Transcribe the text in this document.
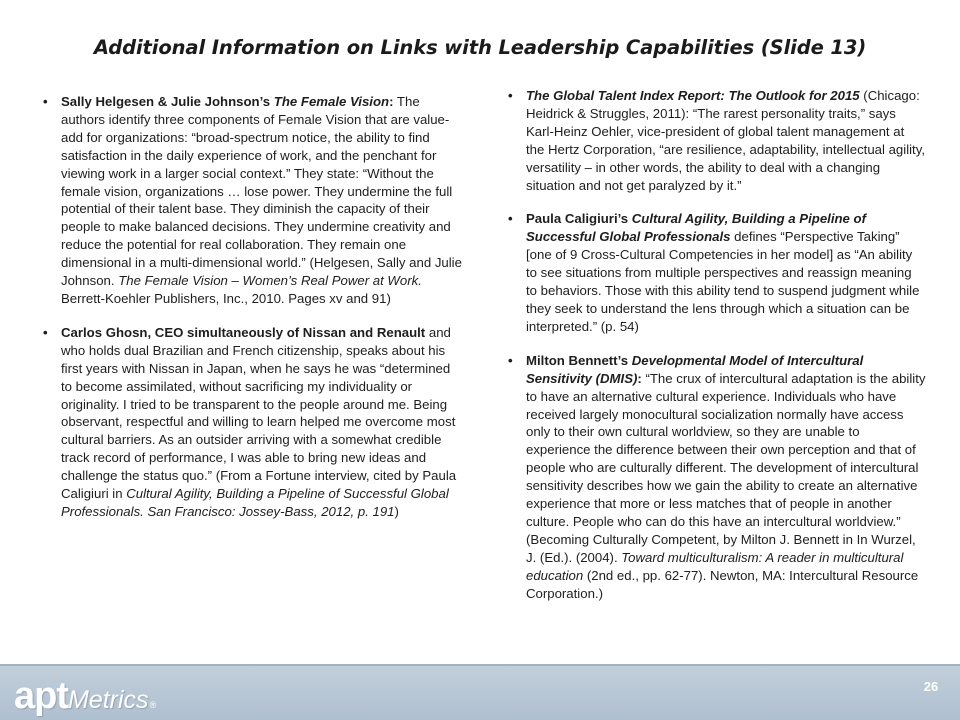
Additional Information on Links with Leadership Capabilities (Slide 13)
• Sally Helgesen & Julie Johnson’s The Female Vision: The authors identify three components of Female Vision that are value-add for organizations: “broad-spectrum notice, the ability to find satisfaction in the daily experience of work, and the penchant for viewing work in a larger social context.” They state: “Without the female vision, organizations … lose power. They undermine the full potential of their talent base. They diminish the capacity of their people to make balanced decisions. They undermine creativity and reduce the potential for real collaboration. They remain one dimensional in a multi-dimensional world.” (Helgesen, Sally and Julie Johnson. The Female Vision – Women’s Real Power at Work. Berrett-Koehler Publishers, Inc., 2010. Pages xv and 91)
• Carlos Ghosn, CEO simultaneously of Nissan and Renault and who holds dual Brazilian and French citizenship, speaks about his first years with Nissan in Japan, when he says he was “determined to become assimilated, without sacrificing my individuality or originality. I tried to be transparent to the people around me. Being observant, respectful and willing to learn helped me overcome most cultural barriers. As an outsider arriving with a somewhat credible track record of performance, I was able to bring new ideas and challenge the status quo.” (From a Fortune interview, cited by Paula Caligiuri in Cultural Agility, Building a Pipeline of Successful Global Professionals. San Francisco: Jossey-Bass, 2012, p. 191)
• The Global Talent Index Report: The Outlook for 2015 (Chicago: Heidrick & Struggles, 2011): “The rarest personality traits,” says Karl-Heinz Oehler, vice-president of global talent management at the Hertz Corporation, “are resilience, adaptability, intellectual agility, versatility – in other words, the ability to deal with a changing situation and not get paralyzed by it.”
• Paula Caligiuri’s Cultural Agility, Building a Pipeline of Successful Global Professionals defines “Perspective Taking” [one of 9 Cross-Cultural Competencies in her model] as “An ability to see situations from multiple perspectives and reassign meaning to behaviors. Those with this ability tend to suspend judgment while they seek to understand the lens through which a situation can be interpreted.” (p. 54)
• Milton Bennett’s Developmental Model of Intercultural Sensitivity (DMIS): “The crux of intercultural adaptation is the ability to have an alternative cultural experience. Individuals who have received largely monocultural socialization normally have access only to their own cultural worldview, so they are unable to experience the difference between their own perception and that of people who are culturally different. The development of intercultural sensitivity describes how we gain the ability to create an alternative experience that more or less matches that of people in another culture. People who can do this have an intercultural worldview.” (Becoming Culturally Competent, by Milton J. Bennett in In Wurzel, J. (Ed.). (2004). Toward multiculturalism: A reader in multicultural education (2nd ed., pp. 62-77). Newton, MA: Intercultural Resource Corporation.)
apt Metrics ®
26
